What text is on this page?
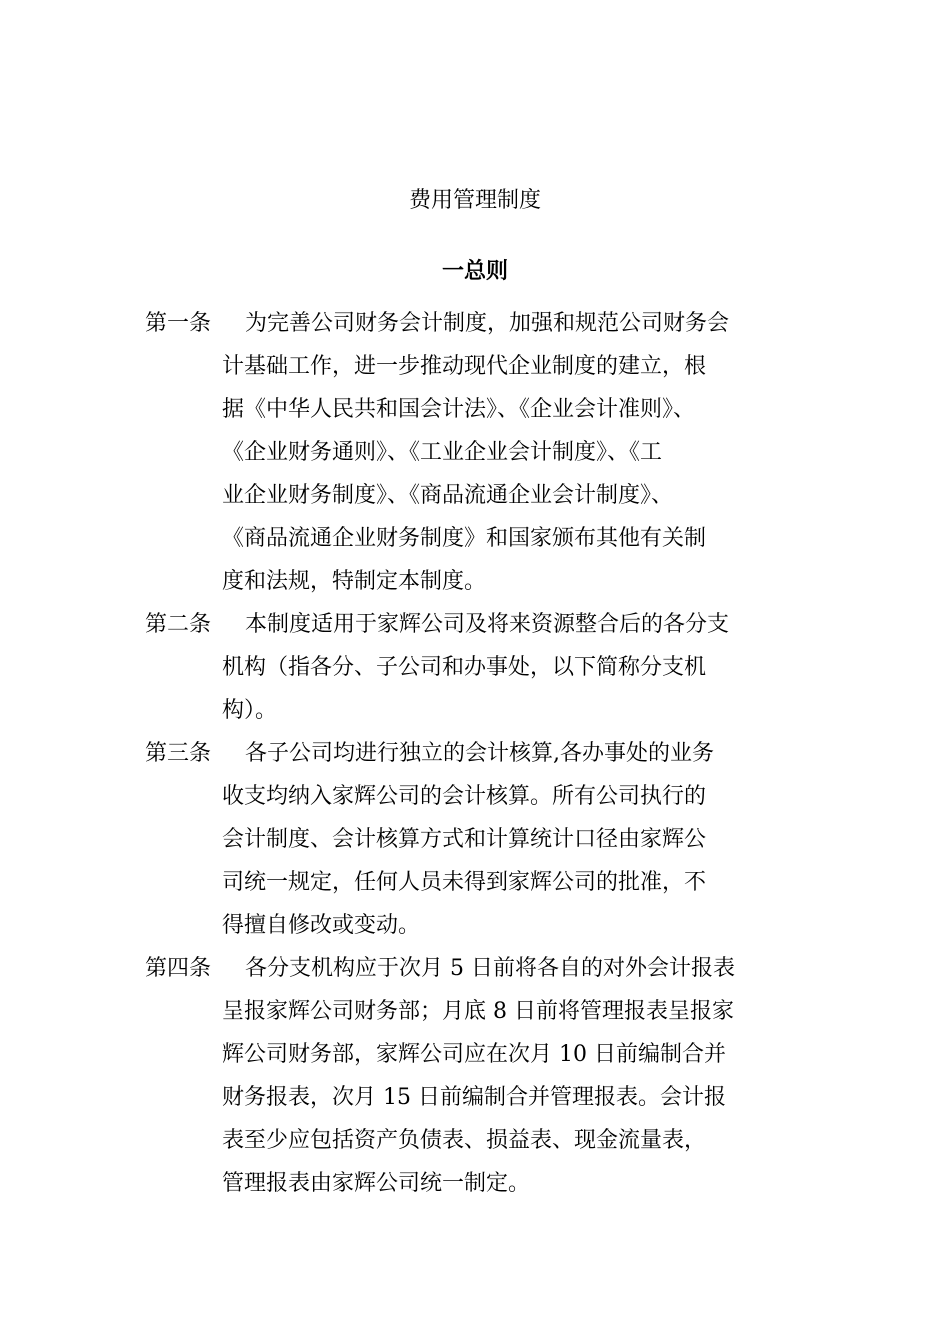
费用管理制度
一总则
第一条	为完善公司财务会计制度，加强和规范公司财务会
计基础工作，进一步推动现代企业制度的建立，根
据《中华人民共和国会计法》、《企业会计准则》、
《企业财务通则》、《工业企业会计制度》、《工
业企业财务制度》、《商品流通企业会计制度》、
《商品流通企业财务制度》和国家颁布其他有关制
度和法规，特制定本制度。
第二条	本制度适用于家辉公司及将来资源整合后的各分支
机构（指各分、子公司和办事处，以下简称分支机
构）。
第三条	各子公司均进行独立的会计核算,各办事处的业务
收支均纳入家辉公司的会计核算。所有公司执行的
会计制度、会计核算方式和计算统计口径由家辉公
司统一规定，任何人员未得到家辉公司的批准，不
得擅自修改或变动。
第四条	各分支机构应于次月 5 日前将各自的对外会计报表
呈报家辉公司财务部；月底 8 日前将管理报表呈报家
辉公司财务部，家辉公司应在次月 10 日前编制合并
财务报表，次月 15 日前编制合并管理报表。会计报
表至少应包括资产负债表、损益表、现金流量表，
管理报表由家辉公司统一制定。
